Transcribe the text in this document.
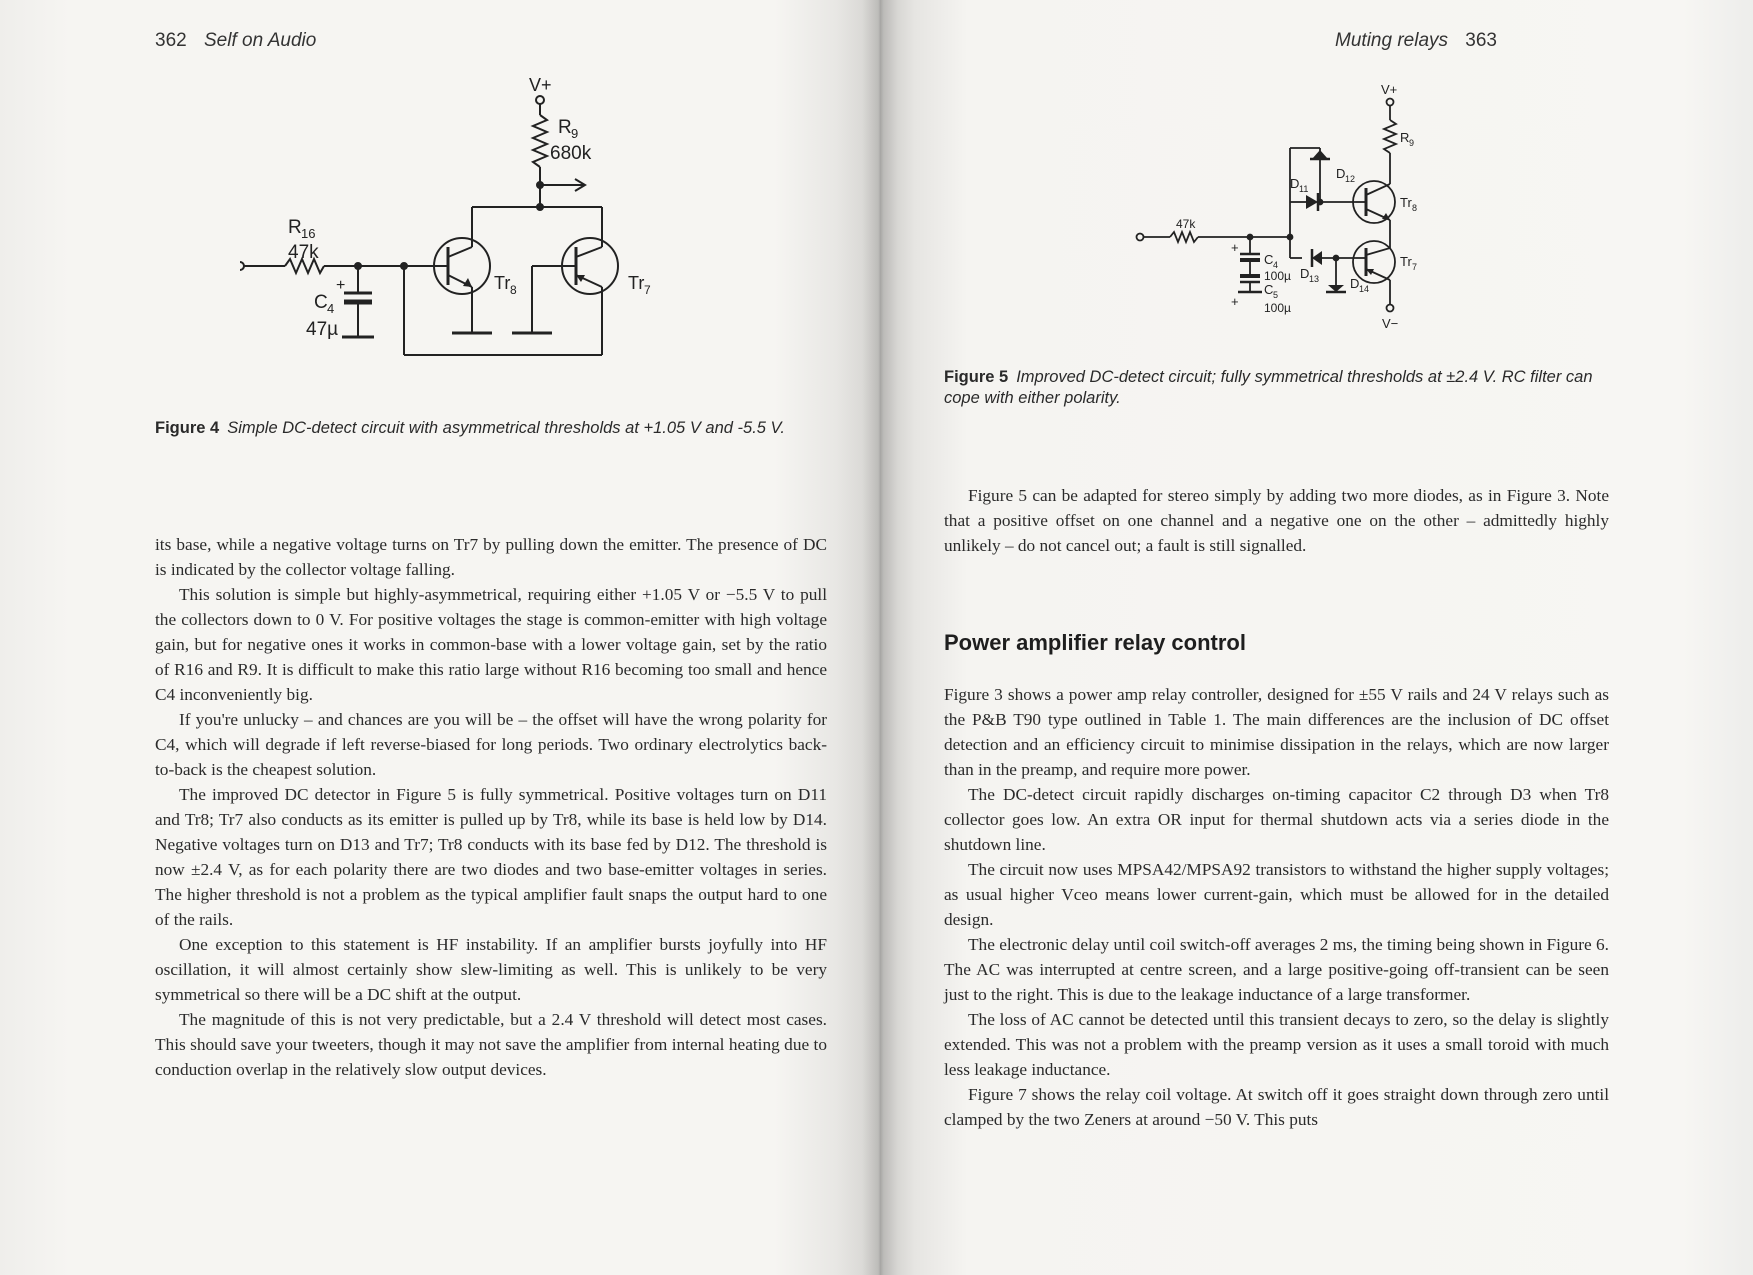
362 Self on Audio
V+
R 9
680k
R 16
47k
+
C 4
47µ
Tr 8	Tr 7
Figure 4 Simple DC-detect circuit with asymmetrical thresholds at +1.05 V and -5.5 V.

its base, while a negative voltage turns on Tr7 by pulling down the emitter. The presence of DC is indicated by the collector voltage falling.

This solution is simple but highly-asymmetrical, requiring either +1.05 V or −5.5 V to pull the collectors down to 0 V. For positive voltages the stage is common-emitter with high voltage gain, but for negative ones it works in common-base with a lower voltage gain, set by the ratio of R16 and R9. It is difficult to make this ratio large without R16 becoming too small and hence C4 inconveniently big.

If you're unlucky – and chances are you will be – the offset will have the wrong polarity for C4, which will degrade if left reverse-biased for long periods. Two ordinary electrolytics back-to-back is the cheapest solution.

The improved DC detector in Figure 5 is fully symmetrical. Positive voltages turn on D11 and Tr8; Tr7 also conducts as its emitter is pulled up by Tr8, while its base is held low by D14. Negative voltages turn on D13 and Tr7; Tr8 conducts with its base fed by D12. The threshold is now ±2.4 V, as for each polarity there are two diodes and two base-emitter voltages in series. The higher threshold is not a problem as the typical amplifier fault snaps the output hard to one of the rails.

One exception to this statement is HF instability. If an amplifier bursts joyfully into HF oscillation, it will almost certainly show slew-limiting as well. This is unlikely to be very symmetrical so there will be a DC shift at the output.

The magnitude of this is not very predictable, but a 2.4 V threshold will detect most cases. This should save your tweeters, though it may not save the amplifier from internal heating due to conduction overlap in the relatively slow output devices.

Muting relays 363
V+
R 9
D 12
D 11
Tr 8
47k
C 4
100µ
C 5
100µ
+
+
D 13
Tr 7
D 14
V−
Figure 5 Improved DC-detect circuit; fully symmetrical thresholds at ±2.4 V. RC filter can cope with either polarity.

Figure 5 can be adapted for stereo simply by adding two more diodes, as in Figure 3. Note that a positive offset on one channel and a negative one on the other – admittedly highly unlikely – do not cancel out; a fault is still signalled.

Power amplifier relay control

Figure 3 shows a power amp relay controller, designed for ±55 V rails and 24 V relays such as the P&B T90 type outlined in Table 1. The main differences are the inclusion of DC offset detection and an efficiency circuit to minimise dissipation in the relays, which are now larger than in the preamp, and require more power.

The DC-detect circuit rapidly discharges on-timing capacitor C2 through D3 when Tr8 collector goes low. An extra OR input for thermal shutdown acts via a series diode in the shutdown line.

The circuit now uses MPSA42/MPSA92 transistors to withstand the higher supply voltages; as usual higher Vceo means lower current-gain, which must be allowed for in the detailed design.

The electronic delay until coil switch-off averages 2 ms, the timing being shown in Figure 6. The AC was interrupted at centre screen, and a large positive-going off-transient can be seen just to the right. This is due to the leakage inductance of a large transformer.

The loss of AC cannot be detected until this transient decays to zero, so the delay is slightly extended. This was not a problem with the preamp version as it uses a small toroid with much less leakage inductance.

Figure 7 shows the relay coil voltage. At switch off it goes straight down through zero until clamped by the two Zeners at around −50 V. This puts
